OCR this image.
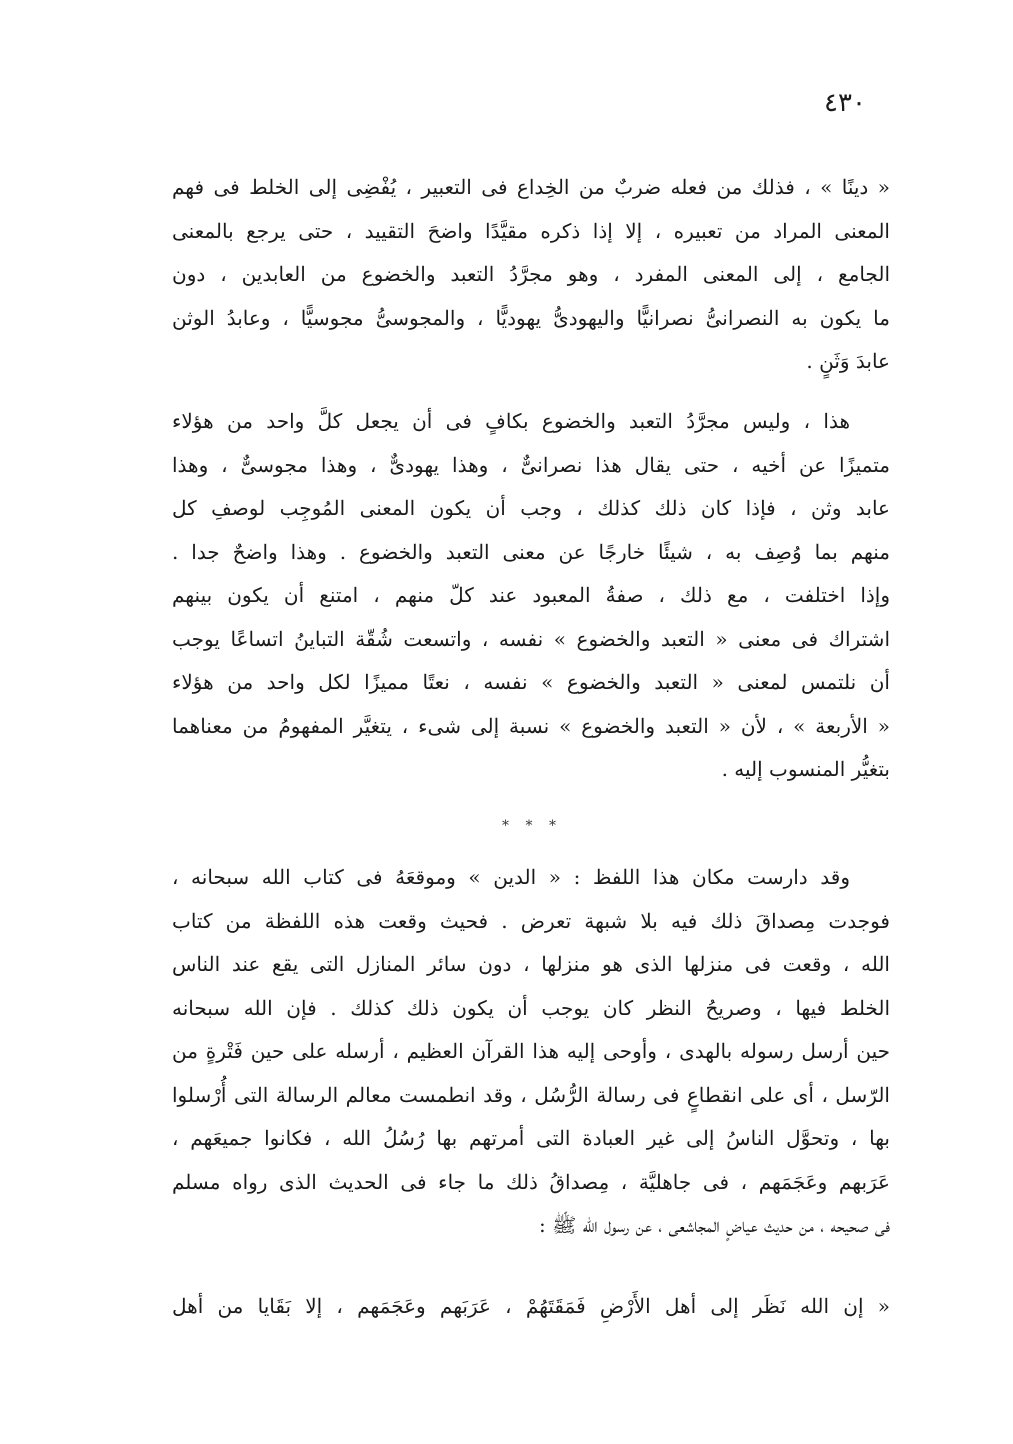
٤٣٠
« دينًا » ، فذلك من فعله ضربٌ من الخِداع فى التعبير ، يُفْضِى إلى الخلط فى فهم
المعنى المراد من تعبيره ، إلا إذا ذكره مقيَّدًا واضحَ التقييد ، حتى يرجع بالمعنى
الجامع ، إلى المعنى المفرد ، وهو مجرَّدُ التعبد والخضوع من العابدين ، دون
ما يكون به النصرانىُّ نصرانيًّا واليهودىُّ يهوديًّا ، والمجوسىُّ مجوسيًّا ، وعابدُ الوثن
عابدَ وَثَنٍ .
هذا ، وليس مجرَّدُ التعبد والخضوع بكافٍ فى أن يجعل كلَّ واحد من هؤلاء
متميزًا عن أخيه ، حتى يقال هذا نصرانىٌّ ، وهذا يهودىٌّ ، وهذا مجوسىٌّ ، وهذا
عابد وثن ، فإذا كان ذلك كذلك ، وجب أن يكون المعنى المُوجِب لوصفِ كل
منهم بما وُصِف به ، شيئًا خارجًا عن معنى التعبد والخضوع . وهذا واضحٌ جدا .
وإذا اختلفت ، مع ذلك ، صفةُ المعبود عند كلّ منهم ، امتنع أن يكون بينهم
اشتراك فى معنى « التعبد والخضوع » نفسه ، واتسعت شُقّة التباينُ اتساعًا يوجب
أن نلتمس لمعنى « التعبد والخضوع » نفسه ، نعتًا مميزًا لكل واحد من هؤلاء
« الأربعة » ، لأن « التعبد والخضوع » نسبة إلى شىء ، يتغيَّر المفهومُ من معناهما
بتغيُّر المنسوب إليه .
* * *
وقد دارست مكان هذا اللفظ : « الدين » وموقعَهُ فى كتاب الله سبحانه ،
فوجدت مِصداقَ ذلك فيه بلا شبهة تعرض . فحيث وقعت هذه اللفظة من كتاب
الله ، وقعت فى منزلها الذى هو منزلها ، دون سائر المنازل التى يقع عند الناس
الخلط فيها ، وصريحُ النظر كان يوجب أن يكون ذلك كذلك . فإن الله سبحانه
حين أرسل رسوله بالهدى ، وأوحى إليه هذا القرآن العظيم ، أرسله على حين فَتْرةٍ من
الرّسل ، أى على انقطاعٍ فى رسالة الرُّسُل ، وقد انطمست معالم الرسالة التى أُرْسلوا
بها ، وتحوَّل الناسُ إلى غير العبادة التى أمرتهم بها رُسُلُ الله ، فكانوا جميعَهم ،
عَرَبهم وعَجَمَهم ، فى جاهليَّة ، مِصداقُ ذلك ما جاء فى الحديث الذى رواه مسلم
فى صحيحه ، من حديث عياضٍ المجاشعى ، عن رسول الله ﷺ :
« إن الله نَظَر إلى أهل الأَرْضِ فَمَقَتَهُمْ ، عَرَبَهم وعَجَمَهم ، إلا بَقَايا من أهل
